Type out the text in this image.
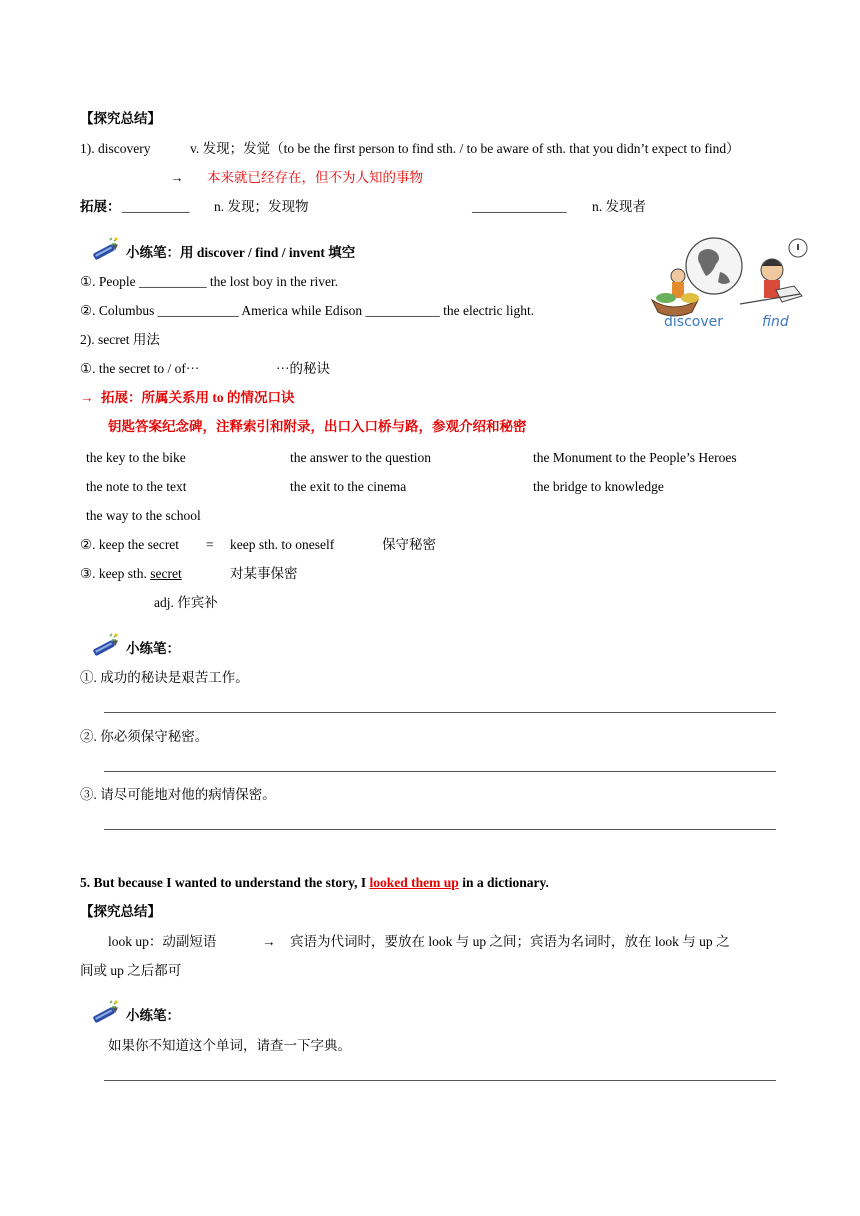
【探究总结】
1). discovery	v. 发现；发觉（to be the first person to find sth. / to be aware of sth. that you didn’t expect to find）
→ 本来就已经存在，但不为人知的事物
拓展： __________ n. 发现；发现物	______________ n. 发现者
小练笔：用 discover / find / invent 填空
①. People __________ the lost boy in the river.
②. Columbus ____________ America while Edison ___________ the electric light.
discover	find
2). secret 用法
①. the secret to / of···	···的秘诀
→ 拓展：所属关系用 to 的情况口诀
钥匙答案纪念碑，注释索引和附录，出口入口桥与路，参观介绍和秘密
the key to the bike	the answer to the question	the Monument to the People’s Heroes
the note to the text	the exit to the cinema	the bridge to knowledge
the way to the school
②. keep the secret = keep sth. to oneself	保守秘密
③. keep sth. secret	对某事保密
adj. 作宾补
小练笔：
①. 成功的秘诀是艰苦工作。
②. 你必须保守秘密。
③. 请尽可能地对他的病情保密。
5. But because I wanted to understand the story, I looked them up in a dictionary.
【探究总结】
look up：动副短语	→ 宾语为代词时，要放在 look 与 up 之间；宾语为名词时，放在 look 与 up 之
间或 up 之后都可
小练笔：
如果你不知道这个单词，请查一下字典。
